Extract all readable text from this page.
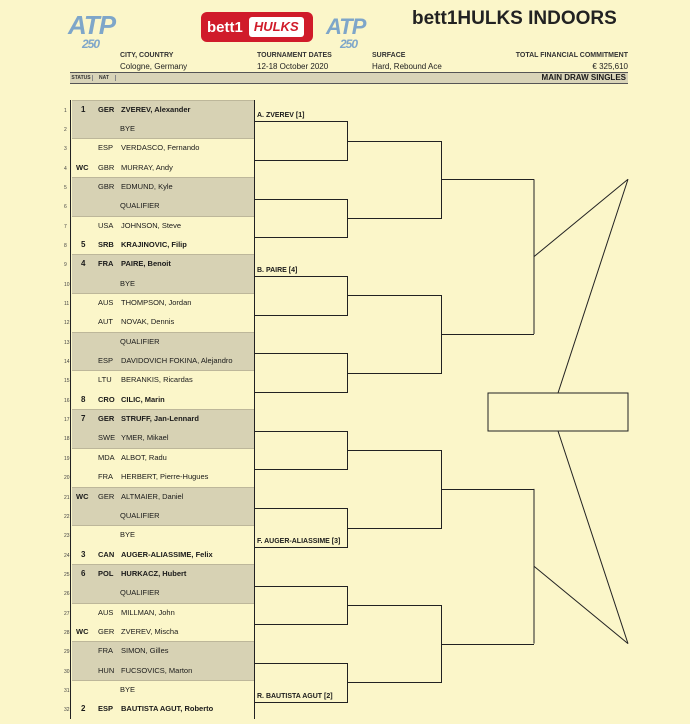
ATP
250
bett1 HULKS ATP
250
bett1HULKS INDOORS
CITY, COUNTRY
Cologne, Germany
TOURNAMENT DATES
12-18 October 2020
SURFACE
Hard, Rebound Ace
TOTAL FINANCIAL COMMITMENT
€ 325,610
STATUS	NAT	MAIN DRAW SINGLES
1 1 GER ZVEREV, Alexander
2	BYE
3	ESP VERDASCO, Fernando
4 WC GBR MURRAY, Andy
5	GBR EDMUND, Kyle
6	QUALIFIER
7	USA JOHNSON, Steve
8 5 SRB KRAJINOVIC, Filip
9 4 FRA PAIRE, Benoit
10	BYE
11	AUS THOMPSON, Jordan
12	AUT NOVAK, Dennis
13	QUALIFIER
14	ESP DAVIDOVICH FOKINA, Alejandro
15	LTU BERANKIS, Ricardas
16 8 CRO CILIC, Marin
17 7 GER STRUFF, Jan-Lennard
18	SWE YMER, Mikael
19	MDA ALBOT, Radu
20	FRA HERBERT, Pierre-Hugues
21 WC GER ALTMAIER, Daniel
22	QUALIFIER
23	BYE
24 3 CAN AUGER-ALIASSIME, Felix
25 6 POL HURKACZ, Hubert
26	QUALIFIER
27	AUS MILLMAN, John
28 WC GER ZVEREV, Mischa
29	FRA SIMON, Gilles
30	HUN FUCSOVICS, Marton
31	BYE
32 2 ESP BAUTISTA AGUT, Roberto
A. ZVEREV [1]
B. PAIRE [4]
F. AUGER-ALIASSIME [3]
R. BAUTISTA AGUT [2]
